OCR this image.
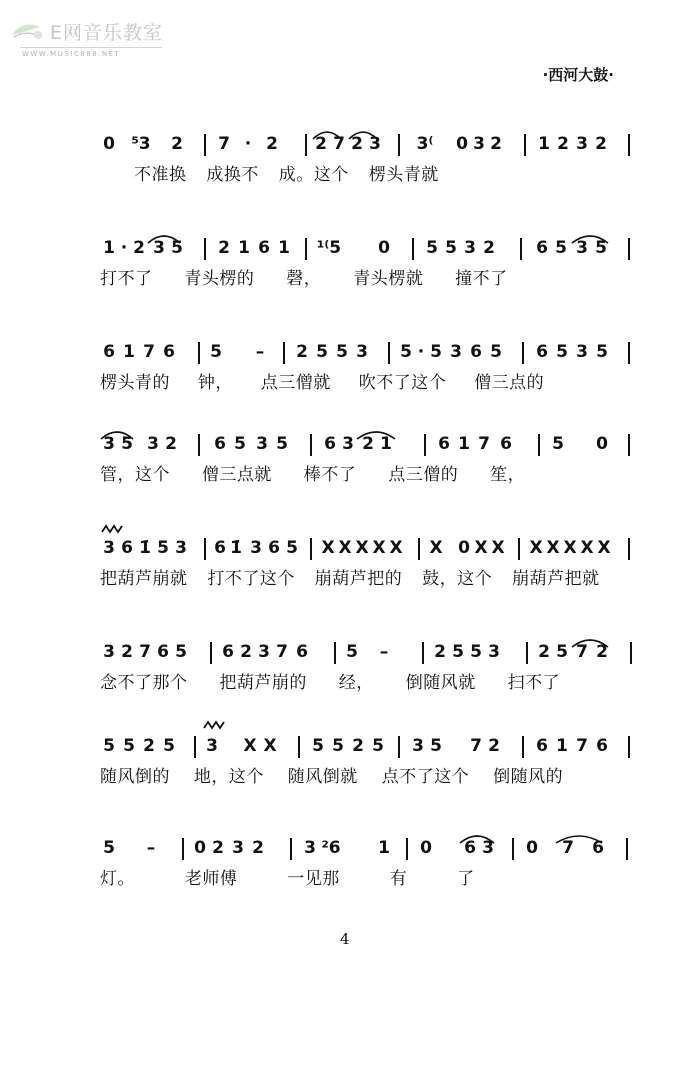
E网音乐教室
WWW.MUSIC888.NET
·西河大鼓·
0 ⁵3	2	7 · 2	2 7 2 3	3⁽	0 3 2	1 2 3 2
不准换 成换不 成。这个 楞头青就
1 · 2 3 5	2 1 6 1	¹⁽5	0	5 5 3 2	6 5 3 5
打不了 青头楞的 磬， 青头楞就 撞不了
6 1 7 6	5	–	2 5 5 3	5 · 5 3 6 5	6 5 3 5
楞头青的 钟， 点三僧就 吹不了这个 僧三点的
3 5 3 2	6 5 3 5	6 3 2 1	6 1 7 6	5	0
管，这个 僧三点就 棒不了 点三僧的 笙，
3 6 1̇ 5 3	6 1̇ 3 6 5	X X X X X	X 0 X X	X X X X X
把葫芦崩就 打不了这个 崩葫芦把的 鼓，这个 崩葫芦把就
3 2 7 6 5	6 2 3 7 6	5	–	2 5 5 3	2 5 7 2
念不了那个 把葫芦崩的 经， 倒随风就 扫不了
5 5 2 5	3	X X	5 5 2 5	3 5	7 2	6 1 7 6
随风倒的 地，这个 随风倒就 点不了这个 倒随风的
5	–	0 2 3 2	3 ²6	1	0	6 3	0	7	6
灯。 老师傅 一见那 有 了
4
